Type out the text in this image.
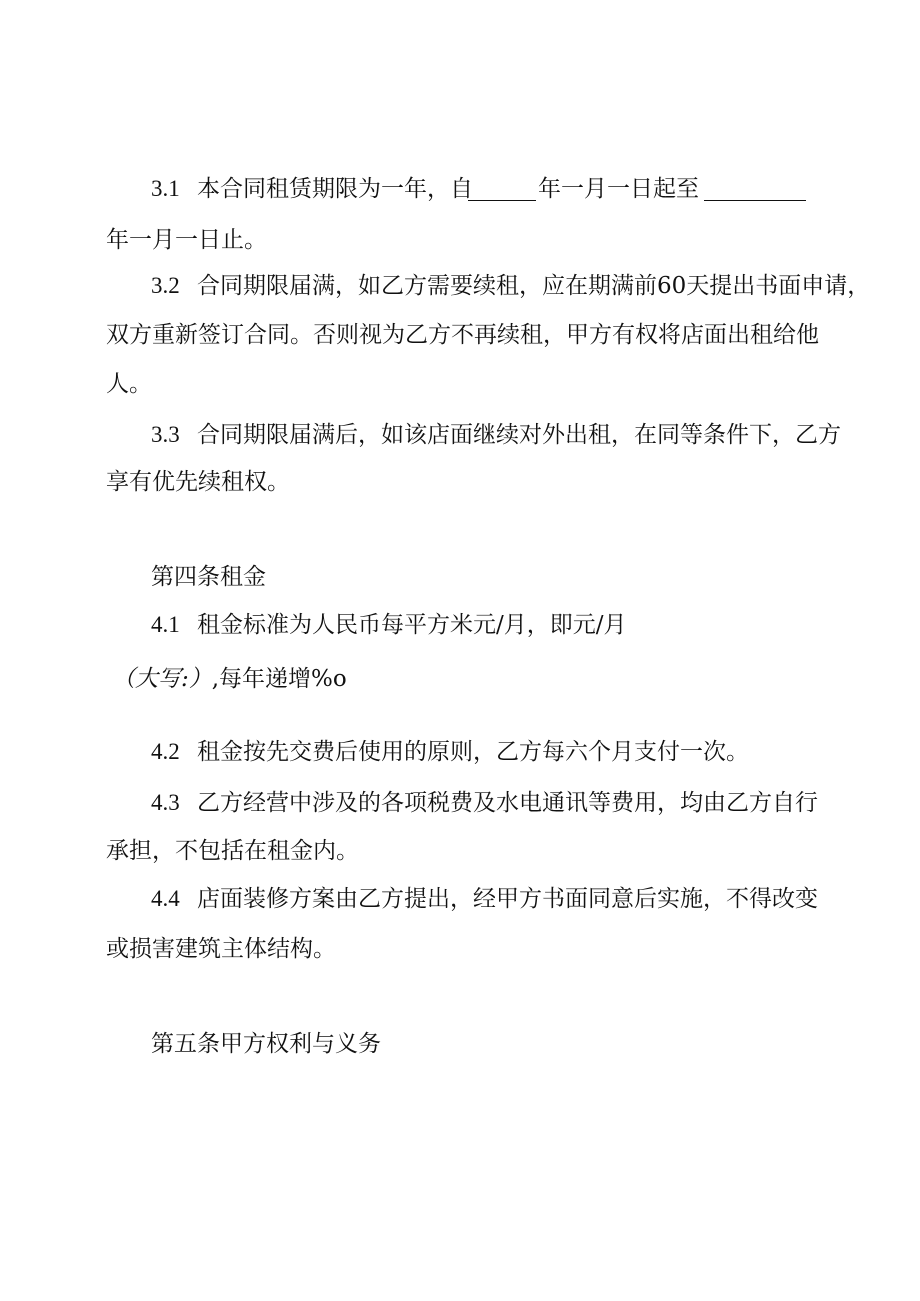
3.1 本合同租赁期限为一年，自	年一月一日起至
年一月一日止。
3.2 合同期限届满，如乙方需要续租，应在期满前60天提出书面申请，
双方重新签订合同。否则视为乙方不再续租，甲方有权将店面出租给他
人。
3.3 合同期限届满后，如该店面继续对外出租，在同等条件下，乙方
享有优先续租权。
第四条租金
4.1 租金标准为人民币每平方米元/月，即元/月
（大写:）,每年递增%o
4.2 租金按先交费后使用的原则，乙方每六个月支付一次。
4.3 乙方经营中涉及的各项税费及水电通讯等费用，均由乙方自行
承担，不包括在租金内。
4.4 店面装修方案由乙方提出，经甲方书面同意后实施，不得改变
或损害建筑主体结构。
第五条甲方权利与义务
